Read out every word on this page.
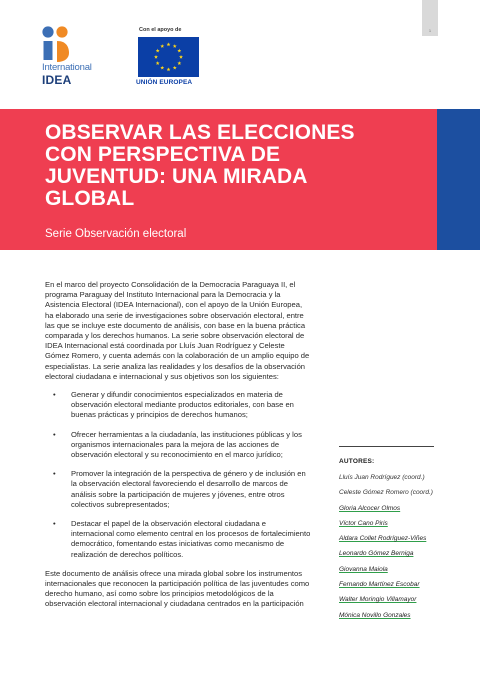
1
International
IDEA
Con el apoyo de
UNIÓN EUROPEA
OBSERVAR LAS ELECCIONES
CON PERSPECTIVA DE
JUVENTUD: UNA MIRADA
GLOBAL
Serie Observación electoral

En el marco del proyecto Consolidación de la Democracia Paraguaya II, el programa Paraguay del Instituto Internacional para la Democracia y la Asistencia Electoral (IDEA Internacional), con el apoyo de la Unión Europea, ha elaborado una serie de investigaciones sobre observación electoral, entre las que se incluye este documento de análisis, con base en la buena práctica comparada y los derechos humanos. La serie sobre observación electoral de IDEA Internacional está coordinada por Lluís Juan Rodríguez y Celeste Gómez Romero, y cuenta además con la colaboración de un amplio equipo de especialistas. La serie analiza las realidades y los desafíos de la observación electoral ciudadana e internacional y sus objetivos son los siguientes:

• Generar y difundir conocimientos especializados en materia de observación electoral mediante productos editoriales, con base en buenas prácticas y principios de derechos humanos;
• Ofrecer herramientas a la ciudadanía, las instituciones públicas y los organismos internacionales para la mejora de las acciones de observación electoral y su reconocimiento en el marco jurídico;
• Promover la integración de la perspectiva de género y de inclusión en la observación electoral favoreciendo el desarrollo de marcos de análisis sobre la participación de mujeres y jóvenes, entre otros colectivos subrepresentados;
• Destacar el papel de la observación electoral ciudadana e internacional como elemento central en los procesos de fortalecimiento democrático, fomentando estas iniciativas como mecanismo de realización de derechos políticos.

Este documento de análisis ofrece una mirada global sobre los instrumentos internacionales que reconocen la participación política de las juventudes como derecho humano, así como sobre los principios metodológicos de la observación electoral internacional y ciudadana centrados en la participación

AUTORES:
Lluís Juan Rodríguez (coord.)
Celeste Gómez Romero (coord.)
Gloria Alcocer Olmos
Víctor Cano Piris
Aldara Collet Rodríguez-Viñes
Leonardo Gómez Berniga
Giovanna Maiola
Fernando Martínez Escobar
Walter Moringio Villamayor
Mónica Novillo Gonzales
